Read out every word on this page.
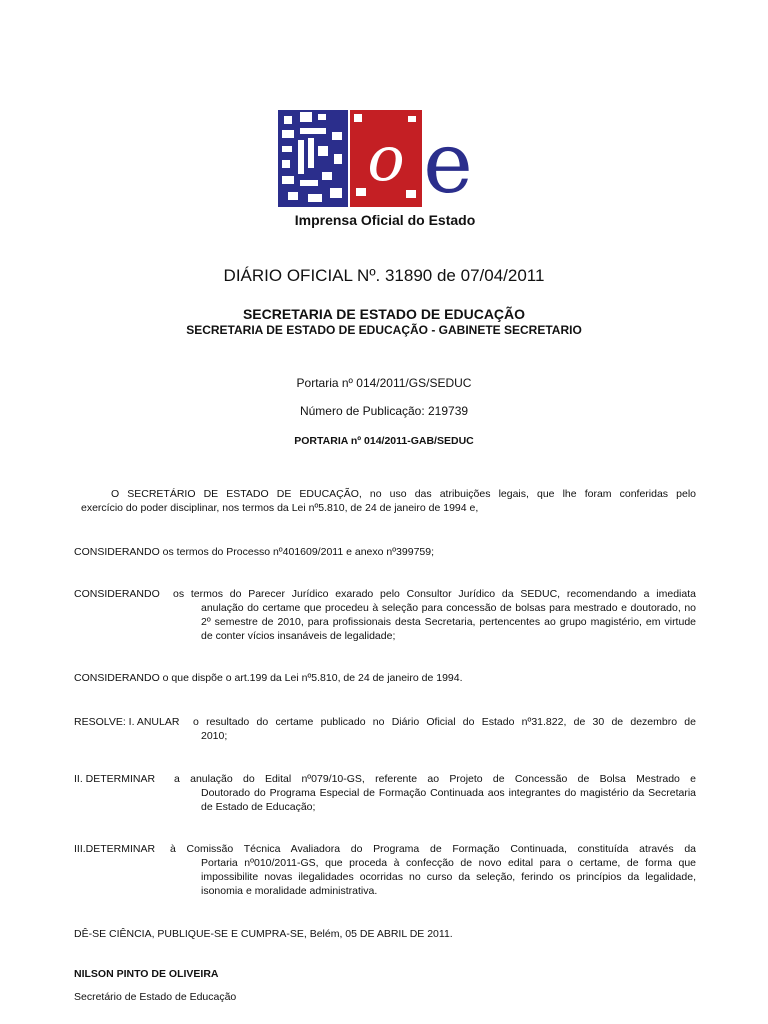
o e
Imprensa Oficial do Estado
DIÁRIO OFICIAL Nº. 31890 de 07/04/2011
SECRETARIA DE ESTADO DE EDUCAÇÃO
SECRETARIA DE ESTADO DE EDUCAÇÃO - GABINETE SECRETARIO
Portaria nº 014/2011/GS/SEDUC
Número de Publicação: 219739
PORTARIA nº 014/2011-GAB/SEDUC
O SECRETÁRIO DE ESTADO DE EDUCAÇÃO, no uso das atribuições legais, que lhe foram conferidas pelo
exercício do poder disciplinar, nos termos da Lei nº5.810, de 24 de janeiro de 1994 e,
CONSIDERANDO os termos do Processo nº401609/2011 e anexo nº399759;
CONSIDERANDO os termos do Parecer Jurídico exarado pelo Consultor Jurídico da SEDUC, recomendando a imediata
anulação do certame que procedeu à seleção para concessão de bolsas para mestrado e doutorado, no 2º semestre de 2010, para profissionais desta Secretaria, pertencentes ao grupo magistério, em virtude de conter vícios insanáveis de legalidade;
CONSIDERANDO o que dispõe o art.199 da Lei nº5.810, de 24 de janeiro de 1994.
RESOLVE: I. ANULAR o resultado do certame publicado no Diário Oficial do Estado nº31.822, de 30 de dezembro de
2010;
II. DETERMINAR a anulação do Edital nº079/10-GS, referente ao Projeto de Concessão de Bolsa Mestrado e
Doutorado do Programa Especial de Formação Continuada aos integrantes do magistério da Secretaria de Estado de Educação;
III.DETERMINAR à Comissão Técnica Avaliadora do Programa de Formação Continuada, constituída através da
Portaria nº010/2011-GS, que proceda à confecção de novo edital para o certame, de forma que impossibilite novas ilegalidades ocorridas no curso da seleção, ferindo os princípios da legalidade, isonomia e moralidade administrativa.
DÊ-SE CIÊNCIA, PUBLIQUE-SE E CUMPRA-SE, Belém, 05 DE ABRIL DE 2011.
NILSON PINTO DE OLIVEIRA
Secretário de Estado de Educação
